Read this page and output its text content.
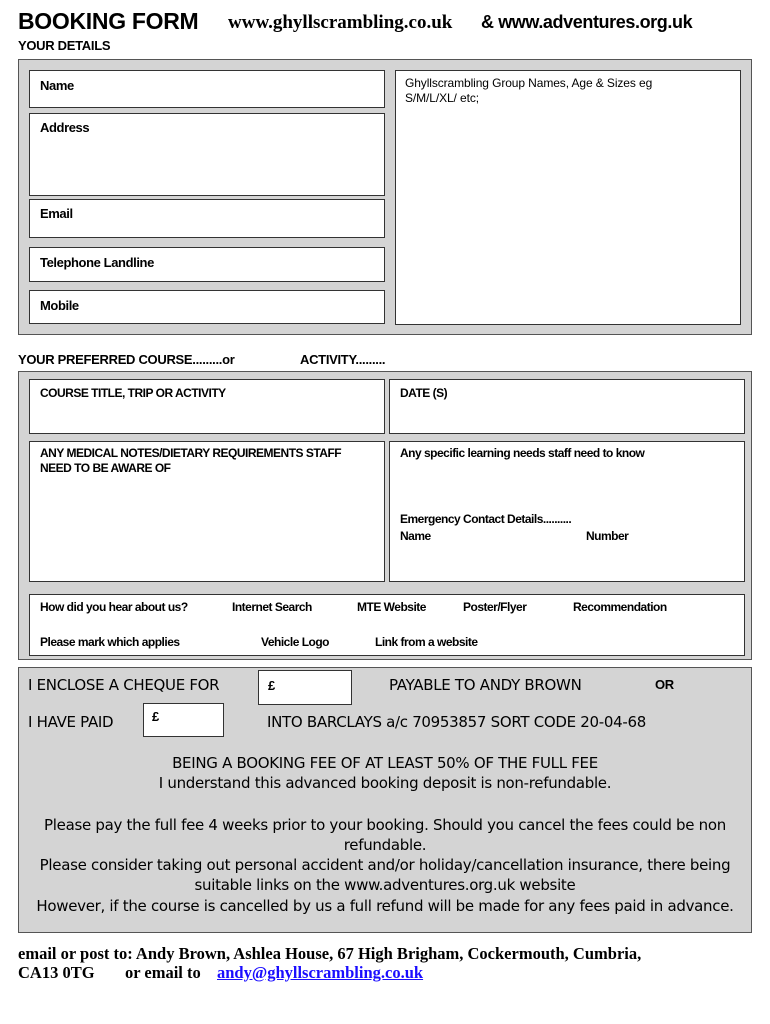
BOOKING FORM www.ghyllscrambling.co.uk & www.adventures.org.uk
YOUR DETAILS
Name
Address
Email
Telephone Landline
Mobile
Ghyllscrambling Group Names, Age & Sizes eg
S/M/L/XL/ etc;
YOUR PREFERRED COURSE.........or	ACTIVITY.........
COURSE TITLE, TRIP OR ACTIVITY	DATE (S)
ANY MEDICAL NOTES/DIETARY REQUIREMENTS STAFF
NEED TO BE AWARE OF
Any specific learning needs staff need to know
Emergency Contact Details..........
Name	Number
How did you hear about us?	Internet Search	MTE Website	Poster/Flyer	Recommendation
Please mark which applies	Vehicle Logo	Link from a website
I ENCLOSE A CHEQUE FOR	£	PAYABLE TO ANDY BROWN	OR
I HAVE PAID	£	INTO BARCLAYS a/c 70953857 SORT CODE 20-04-68
BEING A BOOKING FEE OF AT LEAST 50% OF THE FULL FEE
I understand this advanced booking deposit is non-refundable.
Please pay the full fee 4 weeks prior to your booking. Should you cancel the fees could be non
refundable.
Please consider taking out personal accident and/or holiday/cancellation insurance, there being
suitable links on the www.adventures.org.uk website
However, if the course is cancelled by us a full refund will be made for any fees paid in advance.
email or post to: Andy Brown, Ashlea House, 67 High Brigham, Cockermouth, Cumbria,
CA13 0TG or email to andy@ghyllscrambling.co.uk
